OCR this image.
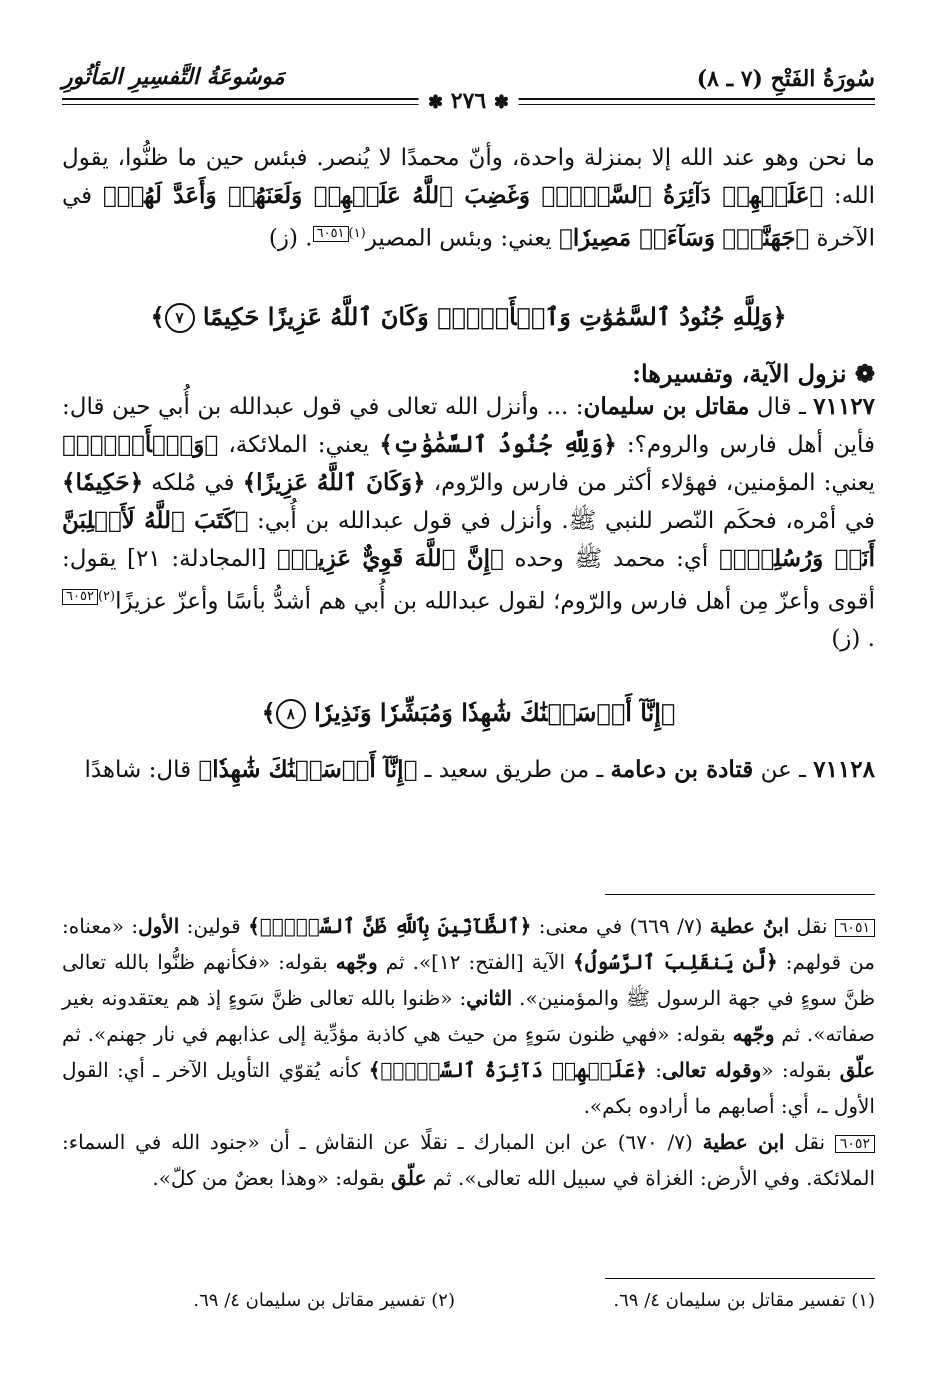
سُورَةُ الفَتْحِ (٧ ـ ٨)
مَوسُوعَةُ التَّفسِيرِ المَأثُورِ
✽ ٢٧٦ ✽

ما نحن وهو عند الله إلا بمنزلة واحدة، وأنّ محمدًا لا يُنصر. فبئس حين ما ظنُّوا، يقول الله: ﴿عَلَيۡهِمۡ دَآئِرَةُ ٱلسَّوۡءِۖ وَغَضِبَ ٱللَّهُ عَلَيۡهِمۡ وَلَعَنَهُمۡ وَأَعَدَّ لَهُمۡ﴾ في الآخرة ﴿جَهَنَّمَۖ وَسَآءَتۡ مَصِيرٗا﴾ يعني: وبئس المصير$^{(١)}$٦٠٥١. (ز)

﴿وَلِلَّهِ جُنُودُ ٱلسَّمَٰوَٰتِ وَٱلۡأَرۡضِۚ وَكَانَ ٱللَّهُ عَزِيزًا حَكِيمًا ٧﴾

❁ نزول الآية، وتفسيرها:

٧١١٢٧ ـ قال مقاتل بن سليمان: ... وأنزل الله تعالى في قول عبدالله بن أُبي حين قال: فأين أهل فارس والروم؟: ﴿وَلِلَّهِ جُنُودُ ٱلسَّمَٰوَٰتِ﴾ يعني: الملائكة، ﴿وَٱلۡأَرۡضِۚ﴾ يعني: المؤمنين، فهؤلاء أكثر من فارس والرّوم، ﴿وَكَانَ ٱللَّهُ عَزِيزًا﴾ في مُلكه ﴿حَكِيمٗا﴾ في أمْره، فحكَم النّصر للنبي ﷺ. وأنزل في قول عبدالله بن أُبي: ﴿كَتَبَ ٱللَّهُ لَأَغۡلِبَنَّ أَنَا۠ وَرُسُلِيٓۚ﴾ أي: محمد ﷺ وحده ﴿إِنَّ ٱللَّهَ قَوِيٌّ عَزِيزٞ﴾ [المجادلة: ٢١] يقول: أقوى وأعزّ مِن أهل فارس والرّوم؛ لقول عبدالله بن أُبي هم أشدُّ بأسًا وأعزّ عزيزًا$^{(٢)}$٦٠٥٢. (ز)

﴿إِنَّآ أَرۡسَلۡنَٰكَ شَٰهِدٗا وَمُبَشِّرٗا وَنَذِيرٗا ٨﴾

٧١١٢٨ ـ عن قتادة بن دعامة ـ من طريق سعيد ـ ﴿إِنَّآ أَرۡسَلۡنَٰكَ شَٰهِدٗا﴾ قال: شاهدًا

٦٠٥١ نقل ابنُ عطية (٧/ ٦٦٩) في معنى: ﴿ٱلظَّآنِّينَ بِٱللَّهِ ظَنَّ ٱلسَّوۡءِۚ﴾ قولين: الأول: «معناه: من قولهم: ﴿لَّن يَنقَلِبَ ٱلرَّسُولُ﴾ الآية [الفتح: ١٢]». ثم وجّهه بقوله: «فكأنهم ظنُّوا بالله تعالى ظنَّ سوءٍ في جهة الرسول ﷺ والمؤمنين». الثاني: «ظنوا بالله تعالى ظنَّ سَوءٍ إذ هم يعتقدونه بغير صفاته». ثم وجّهه بقوله: «فهي ظنون سَوءٍ من حيث هي كاذبة مؤدِّية إلى عذابهم في نار جهنم». ثم علّق بقوله: «وقوله تعالى: ﴿عَلَيۡهِمۡ دَآئِرَةُ ٱلسَّوۡءِۖ﴾ كأنه يُقوّي التأويل الآخر ـ أي: القول الأول ـ، أي: أصابهم ما أرادوه بكم».

٦٠٥٢ نقل ابن عطية (٧/ ٦٧٠) عن ابن المبارك ـ نقلًا عن النقاش ـ أن «جنود الله في السماء: الملائكة. وفي الأرض: الغزاة في سبيل الله تعالى». ثم علّق بقوله: «وهذا بعضٌ من كلّ».

(١) تفسير مقاتل بن سليمان ٤/ ٦٩.
(٢) تفسير مقاتل بن سليمان ٤/ ٦٩.
